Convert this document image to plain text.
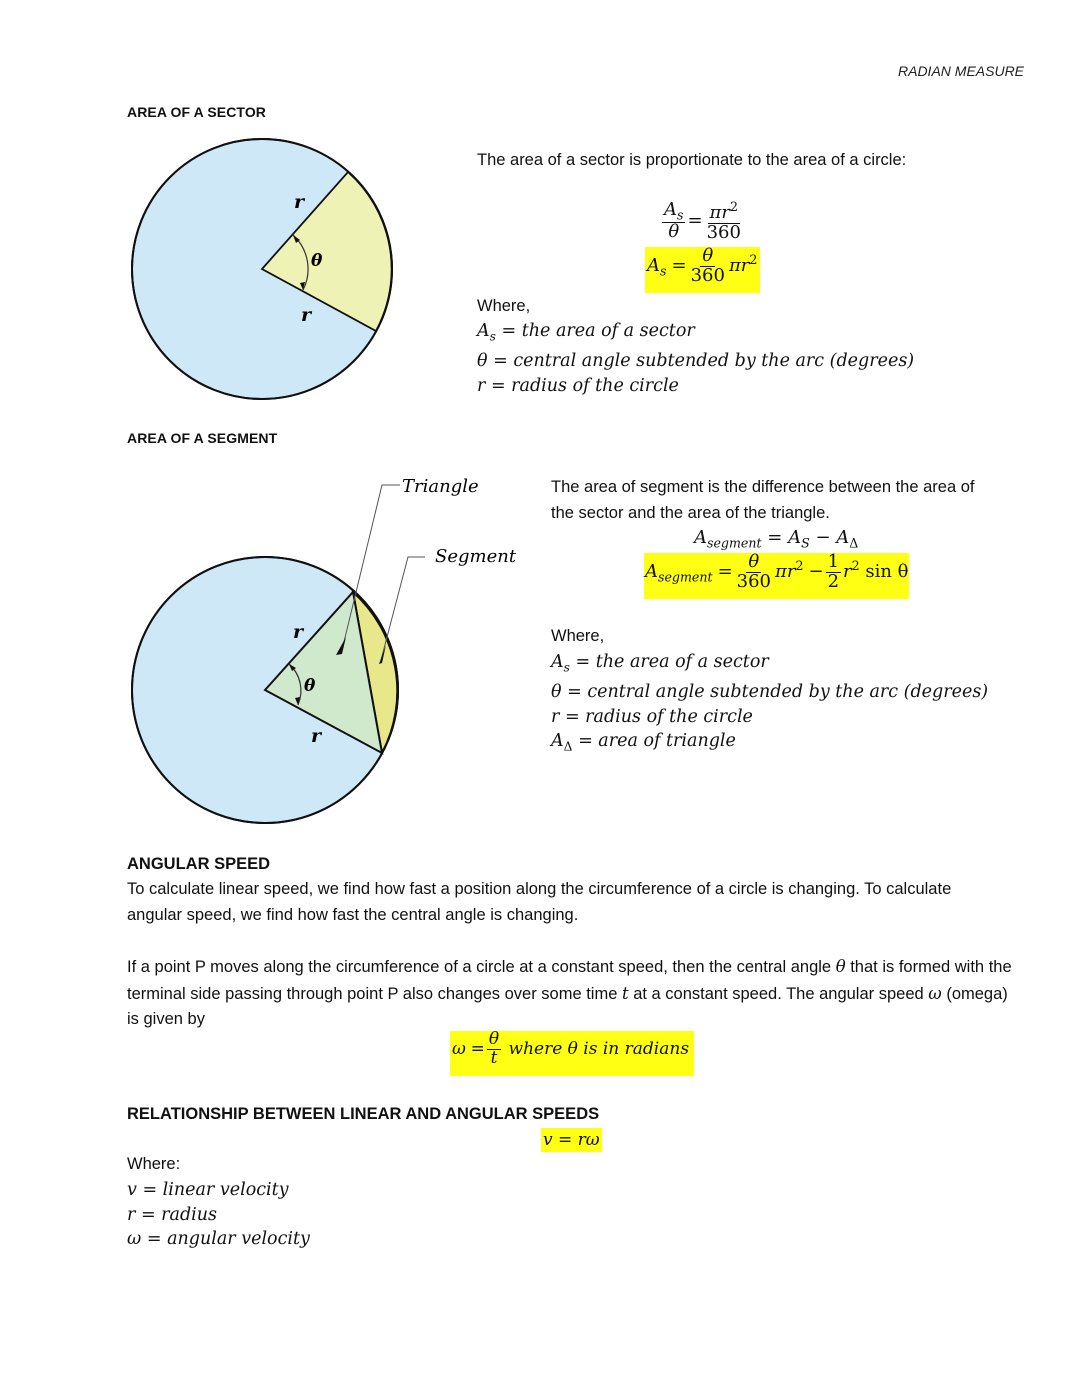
RADIAN MEASURE
AREA OF A SECTOR
r
θ
r
The area of a sector is proportionate to the area of a circle:
$\frac{A_s}{\theta} = \frac{\pi r^2}{360}$
$A_s = \frac{\theta}{360} \pi r^2$
Where,
$A_s$ = the area of a sector
θ = central angle subtended by the arc (degrees)
r = radius of the circle
AREA OF A SEGMENT
Triangle
Segment
r
θ
r
The area of segment is the difference between the area of the sector and the area of the triangle.
$A_{segment} = A_S - A_\Delta$
$A_{segment} = \frac{\theta}{360} \pi r^2 - \frac{1}{2} r^2$ sin θ
Where,
$A_s$ = the area of a sector
θ = central angle subtended by the arc (degrees)
r = radius of the circle
$A_\Delta$ = area of triangle
ANGULAR SPEED
To calculate linear speed, we find how fast a position along the circumference of a circle is changing. To calculate angular speed, we find how fast the central angle is changing.
If a point P moves along the circumference of a circle at a constant speed, then the central angle θ that is formed with the terminal side passing through point P also changes over some time t at a constant speed. The angular speed ω (omega) is given by
$\omega = \frac{\theta}{t}$ where θ is in radians
RELATIONSHIP BETWEEN LINEAR AND ANGULAR SPEEDS
v = rω
Where:
v = linear velocity
r = radius
ω = angular velocity
